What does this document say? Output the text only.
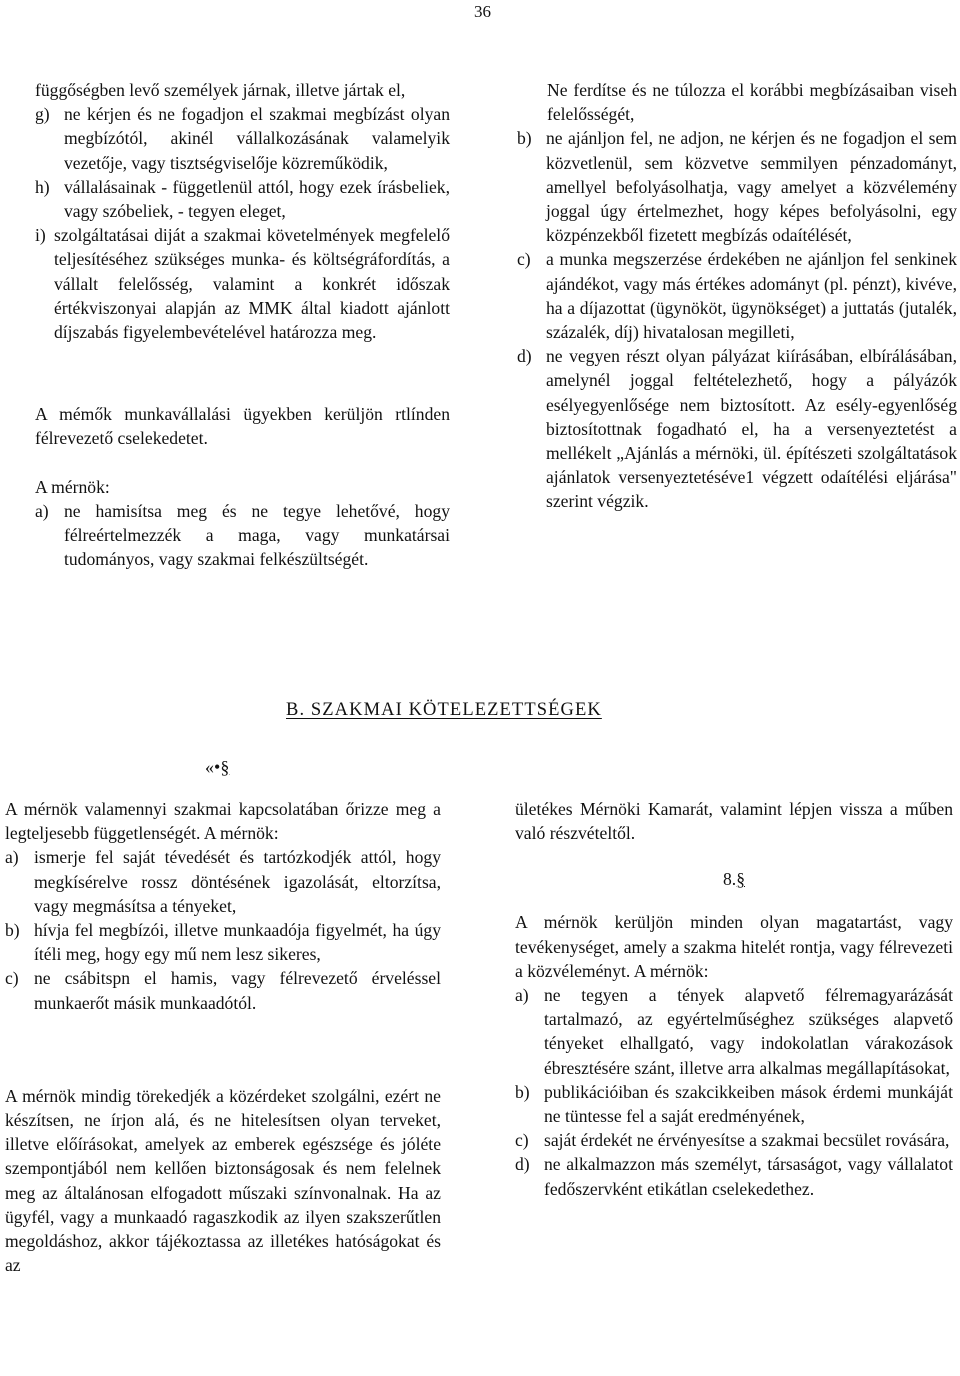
36

függőségben levő személyek járnak, illetve jártak el,

g) ne kérjen és ne fogadjon el szakmai megbízást olyan megbízótól, akinél vállalkozásának valamelyik vezetője, vagy tisztségviselője közreműködik,
h) vállalásainak - függetlenül attól, hogy ezek írásbeliek, vagy szóbeliek, - tegyen eleget,
i) szolgáltatásai diját a szakmai követelmények megfelelő teljesítéséhez szükséges munka- és költségráfordítás, a vállalt felelősség, valamint a konkrét időszak értékviszonyai alapján az MMK által kiadott ajánlott díjszabás figyelembevételével határozza meg.

A mémők munkavállalási ügyekben kerüljön rtlínden félrevezető cselekedetet.

A mérnök:

a) ne hamisítsa meg és ne tegye lehetővé, hogy félreértelmezzék a maga, vagy munkatársai tudományos, vagy szakmai felkészültségét.

Ne ferdítse és ne túlozza el korábbi megbízásaiban viseh felelősségét,

b) ne ajánljon fel, ne adjon, ne kérjen és ne fogadjon el sem közvetlenül, sem közvetve semmilyen pénzadományt, amellyel befolyásolhatja, vagy amelyet a közvélemény joggal úgy értelmezhet, hogy képes befolyásolni, egy közpénzekből fizetett megbízás odaítélését,
c) a munka megszerzése érdekében ne ajánljon fel senkinek ajándékot, vagy más értékes adományt (pl. pénzt), kivéve, ha a díjazottat (ügynököt, ügynökséget) a juttatás (jutalék, százalék, díj) hivatalosan megilleti,
d) ne vegyen részt olyan pályázat kiírásában, elbírálásában, amelynél joggal feltételezhető, hogy a pályázók esélyegyenlősége nem biztosított. Az esély-egyenlőség biztosítottnak fogadható el, ha a versenyeztetést a mellékelt „Ajánlás a mérnöki, ül. építészeti szolgáltatások ajánlatok versenyeztetéséve1 végzett odaítélési eljárása" szerint végzik.
B. SZAKMAI KÖTELEZETTSÉGEK
«•§

A mérnök valamennyi szakmai kapcsolatában őrizze meg a legteljesebb függetlenségét. A mérnök:

a) ismerje fel saját tévedését és tartózkodjék attól, hogy megkísérelve rossz döntésének igazolását, eltorzítsa, vagy megmásítsa a tényeket,
b) hívja fel megbízói, illetve munkaadója figyelmét, ha úgy ítéli meg, hogy egy mű nem lesz sikeres,
c) ne csábitspn el hamis, vagy félrevezető érveléssel munkaerőt másik munkaadótól.

A mérnök mindig törekedjék a közérdeket szolgálni, ezért ne készítsen, ne írjon alá, és ne hitelesítsen olyan terveket, illetve előírásokat, amelyek az emberek egészsége és jóléte szempontjából nem kellően biztonságosak és nem felelnek meg az általánosan elfogadott műszaki színvonalnak. Ha az ügyfél, vagy a munkaadó ragaszkodik az ilyen szakszerűtlen megoldáshoz, akkor tájékoztassa az illetékes hatóságokat és az

ületékes Mérnöki Kamarát, valamint lépjen vissza a műben való részvételtől.

8.§

A mérnök kerüljön minden olyan magatartást, vagy tevékenységet, amely a szakma hitelét rontja, vagy félrevezeti a közvéleményt. A mérnök:

a) ne tegyen a tények alapvető félremagyarázását tartalmazó, az egyértelműséghez szükséges alapvető tényeket elhallgató, vagy indokolatlan várakozások ébresztésére szánt, illetve arra alkalmas megállapításokat,
b) publikációiban és szakcikkeiben mások érdemi munkáját ne tüntesse fel a saját eredményének,
c) saját érdekét ne érvényesítse a szakmai becsület rovására,
d) ne alkalmazzon más személyt, társaságot, vagy vállalatot fedőszervként etikátlan cselekedethez.
